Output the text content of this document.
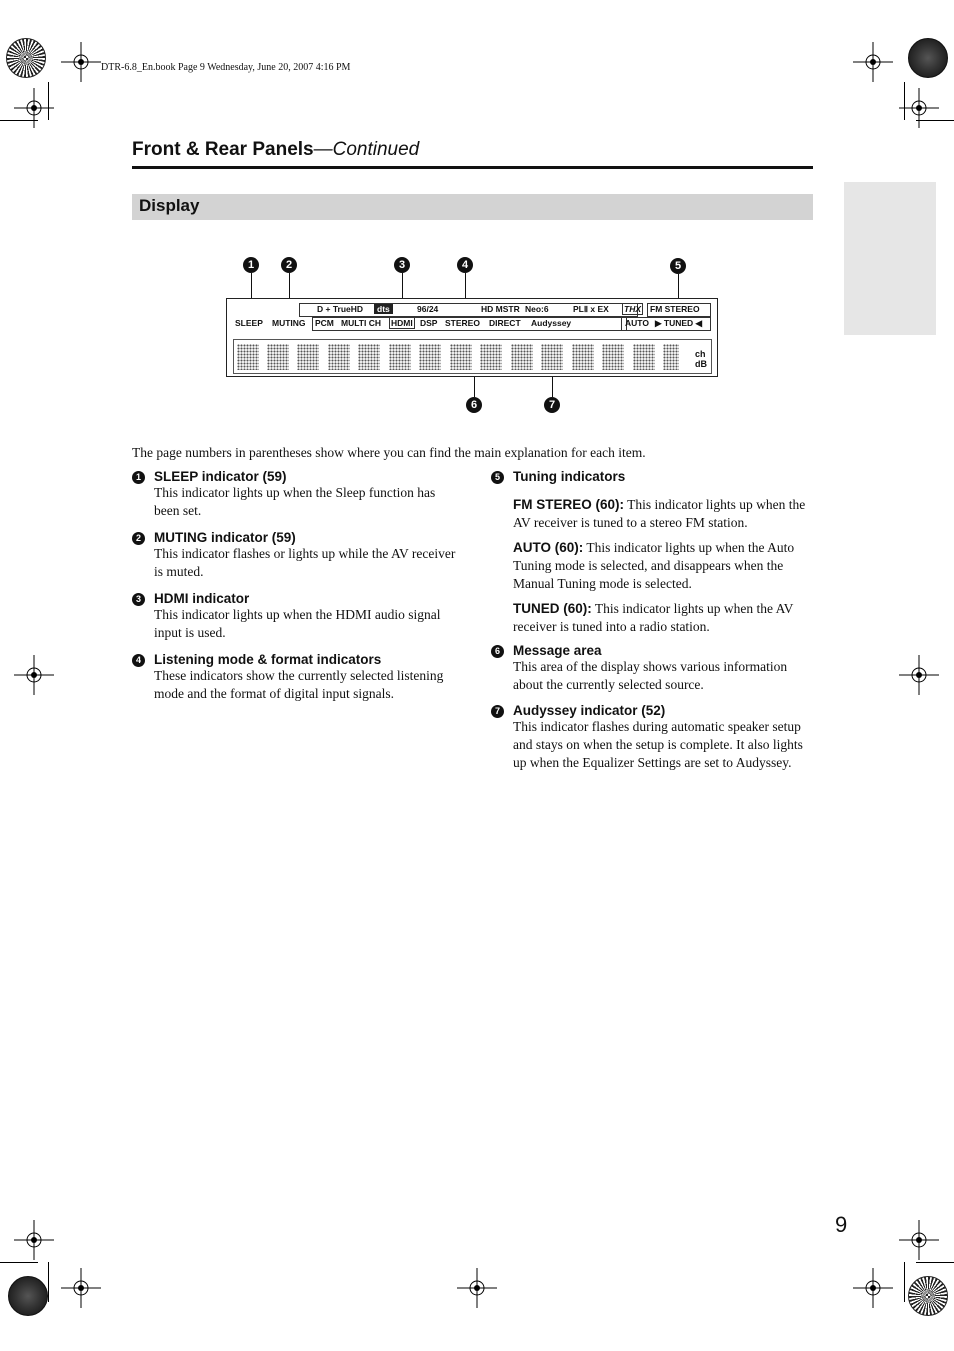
DTR-6.8_En.book Page 9 Wednesday, June 20, 2007 4:16 PM
Front & Rear Panels—Continued
Display
1	2	3	4	5
6	7
D + TrueHD	dts	96/24	HD MSTR Neo:6	PLⅡ x EX THX FM STEREO
SLEEP MUTING PCM MULTI CH HDMI DSP STEREO DIRECT Audyssey	AUTO ▶ TUNED ◀
ch
dB
The page numbers in parentheses show where you can find the main explanation for each item.
1 SLEEP indicator (59)

This indicator lights up when the Sleep function has been set.

2 MUTING indicator (59)

This indicator flashes or lights up while the AV receiver is muted.

3 HDMI indicator

This indicator lights up when the HDMI audio signal input is used.

4 Listening mode & format indicators

These indicators show the currently selected listening mode and the format of digital input signals.

5 Tuning indicators
FM STEREO (60): This indicator lights up when the AV receiver is tuned to a stereo FM station.
AUTO (60): This indicator lights up when the Auto Tuning mode is selected, and disappears when the Manual Tuning mode is selected.
TUNED (60): This indicator lights up when the AV receiver is tuned into a radio station.
6 Message area

This area of the display shows various information about the currently selected source.

7 Audyssey indicator (52)

This indicator flashes during automatic speaker setup and stays on when the setup is complete. It also lights up when the Equalizer Settings are set to Audyssey.

9
